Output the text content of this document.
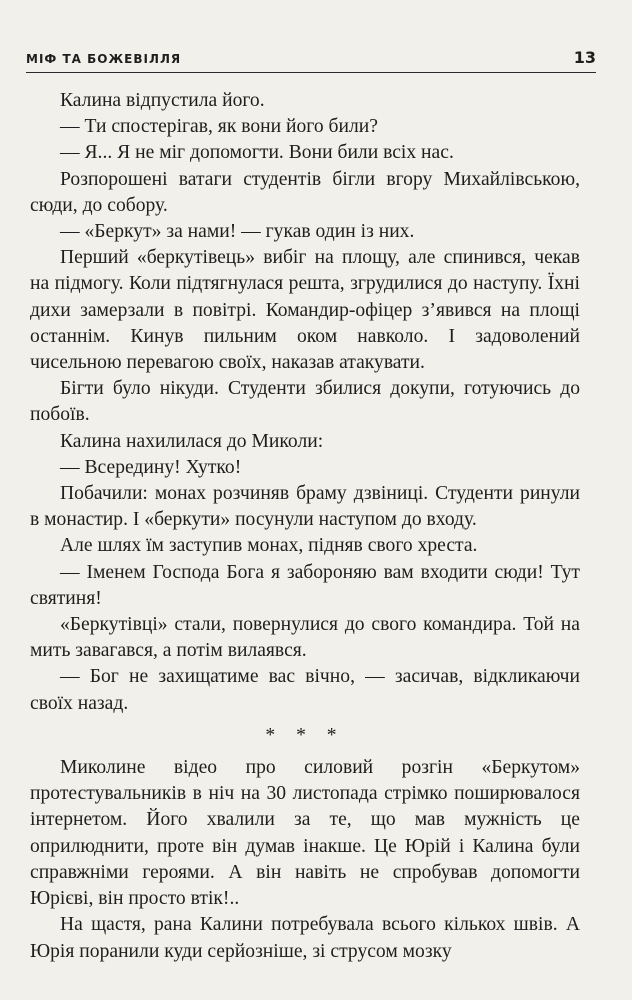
МІФ ТА БОЖЕВІЛЛЯ	13

Калина відпустила його.

— Ти спостерігав, як вони його били?

— Я... Я не міг допомогти. Вони били всіх нас.

Розпорошені ватаги студентів бігли вгору Михайлівською, сюди, до собору.

— «Беркут» за нами! — гукав один із них.

Перший «беркутівець» вибіг на площу, але спинився, чекав на підмогу. Коли підтягнулася решта, згрудилися до наступу. Їхні дихи замерзали в повітрі. Командир-офіцер з’явився на площі останнім. Кинув пильним оком навколо. І задоволений чисельною перевагою своїх, наказав атакувати.

Бігти було нікуди. Студенти збилися докупи, готуючись до побоїв.

Калина нахилилася до Миколи:

— Всередину! Хутко!

Побачили: монах розчиняв браму дзвіниці. Студенти ринули в монастир. І «беркути» посунули наступом до входу.

Але шлях їм заступив монах, підняв свого хреста.

— Іменем Господа Бога я забороняю вам входити сюди! Тут святиня!

«Беркутівці» стали, повернулися до свого командира. Той на мить завагався, а потім вилаявся.

— Бог не захищатиме вас вічно, — засичав, відкликаючи своїх назад.

* * *

Миколине відео про силовий розгін «Беркутом» протестувальників в ніч на 30 листопада стрімко поширювалося інтернетом. Його хвалили за те, що мав мужність це оприлюднити, проте він думав інакше. Це Юрій і Калина були справжніми героями. А він навіть не спробував допомогти Юрієві, він просто втік!..

На щастя, рана Калини потребувала всього кількох швів. А Юрія поранили куди серйозніше, зі струсом мозку
